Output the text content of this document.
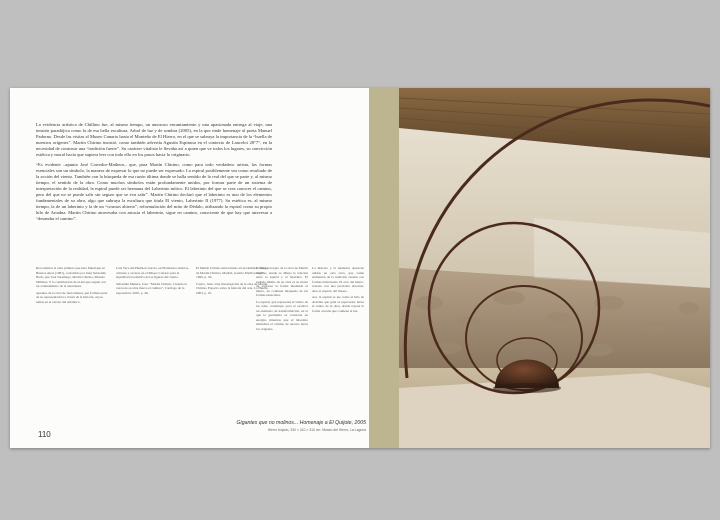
La evidencia artística de Chillino fue, al mismo tiempo, un amoroso encantamiento y una apasionada entrega al viaje, una tensión paradójica como la de esa bella escultura, Arbol de luz y de sombra (2005), en la que rinde homenaje al poeta Manuel Padorno. Desde las visitas al Museo Canario hasta el Monteño de El Hierro, en el que se subraya la importancia de la “huella de nuestros orígenes”. Martín Chirino insistió, como también advertía Agustín Espinosa en el contexto de Lancelot 28°7°, en la necesidad de construir una “tradición fuerte”. Su carácter vitalista le llevaba así a quien que ve todos los lugares, su convicción estética y moral hacía que supiera leer con todo ello en los pasos hacia lo originario.

“Es evidente –apunta José Corredor-Matheos– que, para Martín Chirino, como para todo verdadero artista, las formas esenciales son un símbolo, la manera de expresar lo que no puede ser expresado. La espiral posiblemente sea como resultado de la acción del viento. También con la búsqueda de esa razón última donde se halla sentido de lo real del que se parte y, al mismo tiempo, el sentido de la obra. Como muchos símbolos están profundamente unidos, por formar parte de un sistema de interpretación de la realidad, la espiral puede ser hermana del Laberinto mítico. El laberinto del que se crea conocer el camino, pero del que no se puede salir sin seguro que se eva salir”. Martín Chirino declaró que el laberinto es uno de los elementos fundamentales de su obra, algo que subraya la escultura que titula El viento, Laberinto II (1977). Su estética es, al mismo tiempo, la de un laberinto y la de un “cosmos abierto”, reformulación del mito de Dédalo, utilizando la espiral como su propio hilo de Ariadna. Martín Chirino atravesaba con astucia el laberinto, sigue en camino, consciente de que hay que atravesar a “desandar el camino”.

Recordemos la obra primera que hizo Manrique en Buenos Aires (1981), concebida por Juan Sebastián Bach, que José Saramago, Martín Chirino, Manolo Millares. Y la contribución de él del que seguía con un ordenamiento de la naturaleza.

Apuntes de la obra de Juan Ismael, que forman parte de su representación a través de la historia, cuyos temas en el verano del Atlántico.

Luis Vaca del Hudsion Garcia, en Elementos abiertos, culturas y oscuras en el Museo Canario para la significación estética de las figuras del viento.

Sebastián Manera, José. “Martín Chirino. Cuando la razón de su obra marca el camino”, Catálogo de la exposición. 2005, p. 46.

El Martín Chirino entrevistado en noviembre, ‘Diego de Martín Chirino, Madrid, Galería Marlborough’ 1990, p. 59.

Castro, Juan. Una investigación de la obra de Martín Chirino, Espacio sobre la historia del arte, La Huella, 2003, p. 91.

En este concepto de la obra de Martín Chirino, donde se dibuja la relación entre la espiral y el laberinto. El sentido último de su obra es su modo de expresar la forma mediante el hierro, en continua búsqueda de las formas esenciales.

La espiral, que representa el viento de las islas, constituye para el escultor un elemento de transformación, en la que la geometría se convierte en energía, mientras que el laberinto simboliza el camino de retorno hacia los orígenes.

La historia y la memoria aparecen unidas en esta obra, que reúne elementos de la tradición canaria con formas universales. El arco del hierro, trazado con una precisión absoluta, abre el espacio del museo.

Así, la espiral se lee como el hilo de Ariadna que guía al espectador hacia el centro de la obra, donde reposa la forma cerrada que contiene la luz.

110
Gigantes que no molinos... Homenaje a El Quijote, 2005
Hierro forjado, 330 × 310 × 310 cm. Museo del Hierro, La Laguna
